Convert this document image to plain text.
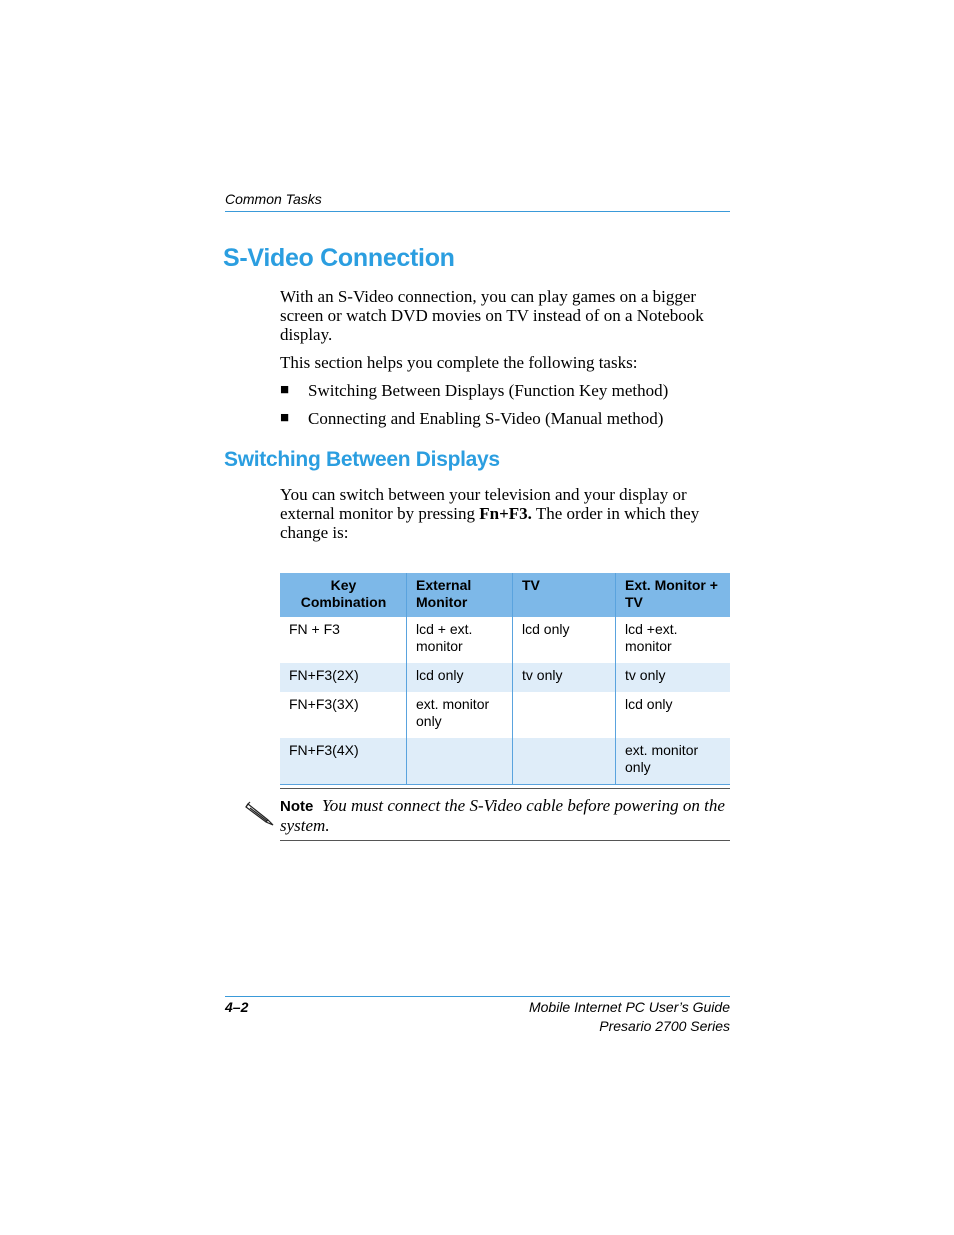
Common Tasks
S-Video Connection

With an S-Video connection, you can play games on a bigger screen or watch DVD movies on TV instead of on a Notebook display.

This section helps you complete the following tasks:

■	Switching Between Displays (Function Key method)
■	Connecting and Enabling S-Video (Manual method)
Switching Between Displays

You can switch between your television and your display or external monitor by pressing Fn+F3. The order in which they change is:

Key Combination	External Monitor	TV	Ext. Monitor + TV
FN + F3	lcd + ext. monitor	lcd only	lcd +ext. monitor
FN+F3(2X)	lcd only	tv only	tv only
FN+F3(3X)	ext. monitor only		lcd only
FN+F3(4X)			ext. monitor only

Note You must connect the S-Video cable before powering on the system.

4–2	Mobile Internet PC User’s Guide
Presario 2700 Series
